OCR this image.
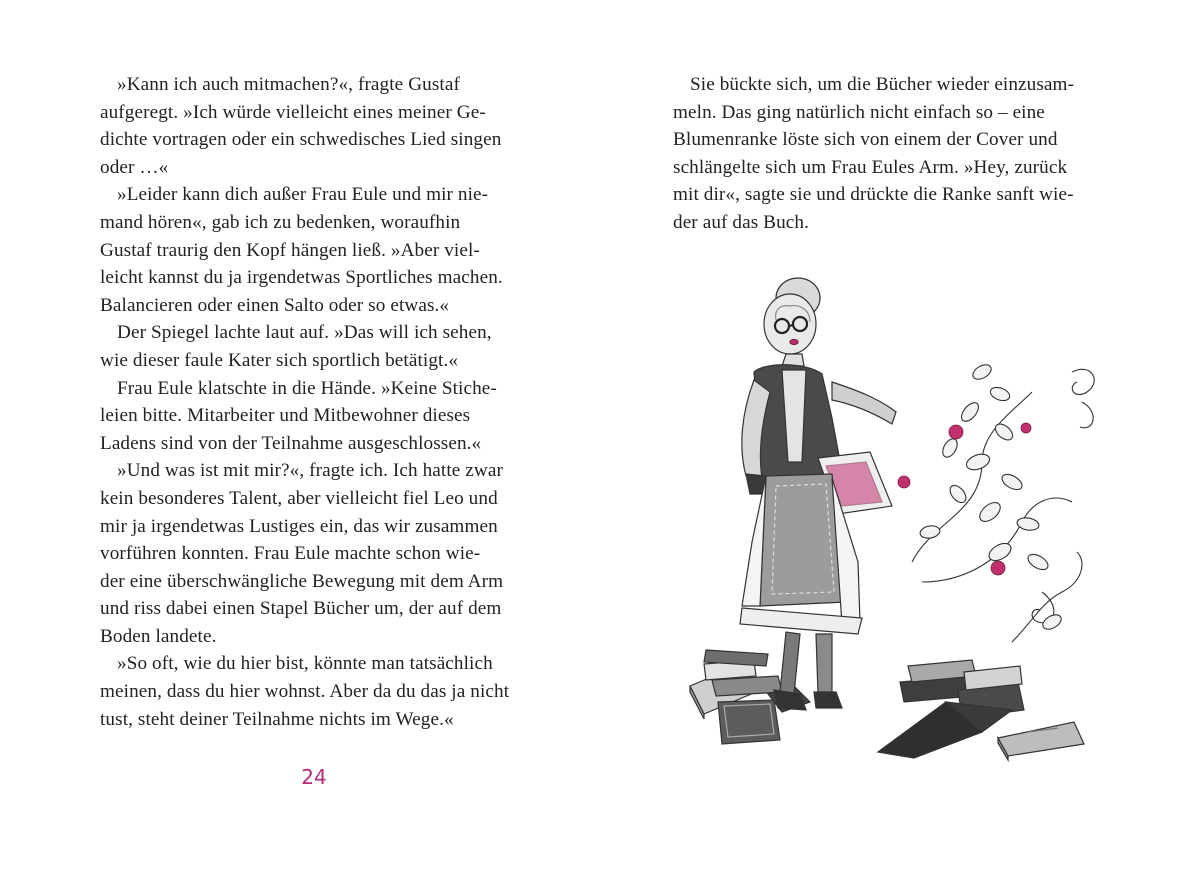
»Kann ich auch mitmachen?«, fragte Gustaf
aufgeregt. »Ich würde vielleicht eines meiner Ge-
dichte vortragen oder ein schwedisches Lied singen
oder …«
»Leider kann dich außer Frau Eule und mir nie-
mand hören«, gab ich zu bedenken, woraufhin
Gustaf traurig den Kopf hängen ließ. »Aber viel-
leicht kannst du ja irgendetwas Sportliches machen.
Balancieren oder einen Salto oder so etwas.«
Der Spiegel lachte laut auf. »Das will ich sehen,
wie dieser faule Kater sich sportlich betätigt.«
Frau Eule klatschte in die Hände. »Keine Stiche-
leien bitte. Mitarbeiter und Mitbewohner dieses
Ladens sind von der Teilnahme ausgeschlossen.«
»Und was ist mit mir?«, fragte ich. Ich hatte zwar
kein besonderes Talent, aber vielleicht fiel Leo und
mir ja irgendetwas Lustiges ein, das wir zusammen
vorführen konnten. Frau Eule machte schon wie-
der eine überschwängliche Bewegung mit dem Arm
und riss dabei einen Stapel Bücher um, der auf dem
Boden landete.
»So oft, wie du hier bist, könnte man tatsächlich
meinen, dass du hier wohnst. Aber da du das ja nicht
tust, steht deiner Teilnahme nichts im Wege.«
24
Sie bückte sich, um die Bücher wieder einzusam-
meln. Das ging natürlich nicht einfach so – eine
Blumenranke löste sich von einem der Cover und
schlängelte sich um Frau Eules Arm. »Hey, zurück
mit dir«, sagte sie und drückte die Ranke sanft wie-
der auf das Buch.
